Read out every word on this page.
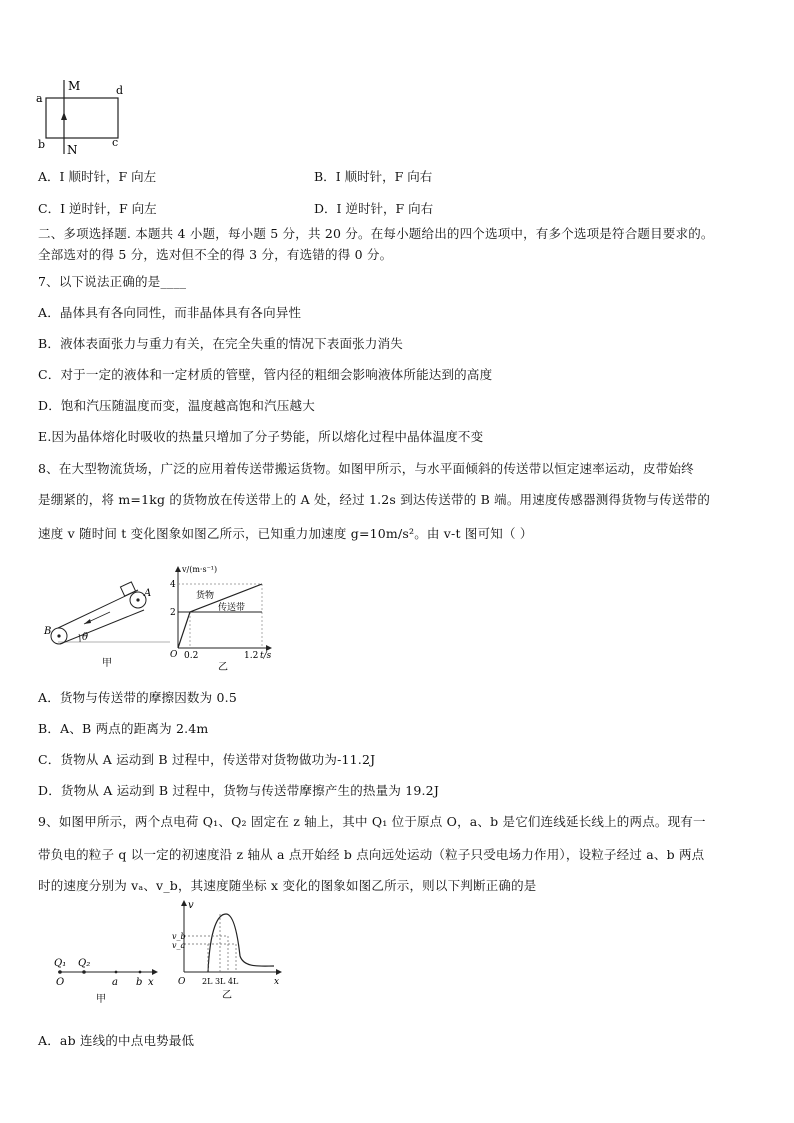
a
M	d
b N
c
A．I 顺时针，F 向左	B．I 顺时针，F 向右
C．I 逆时针，F 向左	D．I 逆时针，F 向右
二、多项选择题. 本题共 4 小题，每小题 5 分，共 20 分。在每小题给出的四个选项中，有多个选项是符合题目要求的。
全部选对的得 5 分，选对但不全的得 3 分，有选错的得 0 分。
7、以下说法正确的是____
A．晶体具有各向同性，而非晶体具有各向异性
B．液体表面张力与重力有关，在完全失重的情况下表面张力消失
C．对于一定的液体和一定材质的管壁，管内径的粗细会影响液体所能达到的高度
D．饱和汽压随温度而变，温度越高饱和汽压越大
E.因为晶体熔化时吸收的热量只增加了分子势能，所以熔化过程中晶体温度不变
8、在大型物流货场，广泛的应用着传送带搬运货物。如图甲所示，与水平面倾斜的传送带以恒定速率运动，皮带始终
是绷紧的，将 m=1kg 的货物放在传送带上的 A 处，经过 1.2s 到达传送带的 B 端。用速度传感器测得货物与传送带的
速度 v 随时间 t 变化图象如图乙所示，已知重力加速度 g=10m/s²。由 v-t 图可知（ ）
θ
B
A
甲
4
2
O 0.2	1.2 t/s
v/(m·s⁻¹)
货物
传送带
乙
A．货物与传送带的摩擦因数为 0.5
B．A、B 两点的距离为 2.4m
C．货物从 A 运动到 B 过程中，传送带对货物做功为-11.2J
D．货物从 A 运动到 B 过程中，货物与传送带摩擦产生的热量为 19.2J
9、如图甲所示，两个点电荷 Q₁、Q₂ 固定在 z 轴上，其中 Q₁ 位于原点 O，a、b 是它们连线延长线上的两点。现有一
带负电的粒子 q 以一定的初速度沿 z 轴从 a 点开始经 b 点向远处运动（粒子只受电场力作用），设粒子经过 a、b 两点
时的速度分别为 vₐ、v_b，其速度随坐标 x 变化的图象如图乙所示，则以下判断正确的是
Q₁ Q₂
O	a b x
甲
v
v_b
v_a
O 2L 3L 4L	x
乙
A．ab 连线的中点电势最低
